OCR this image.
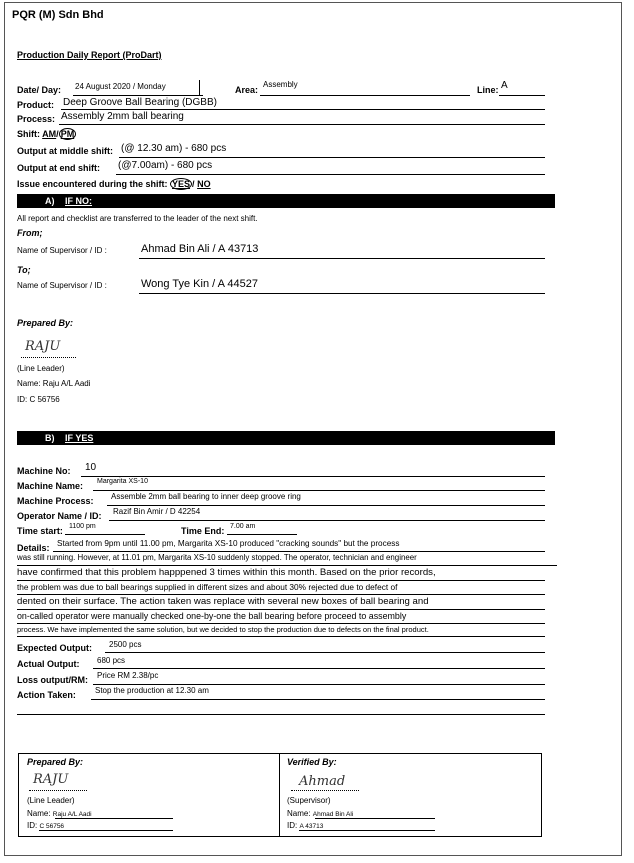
PQR (M) Sdn Bhd
Production Daily Report (ProDart)
Date/ Day: 24 August 2020 / Monday	Area:
Assembly
Line: A
Product: Deep Groove Ball Bearing (DGBB)
Process: Assembly 2mm ball bearing
Shift: AM/ PM
Output at middle shift: (@ 12.30 am) - 680 pcs
Output at end shift: (@7.00am) - 680 pcs
Issue encountered during the shift: YES / NO
A) IF NO:
All report and checklist are transferred to the leader of the next shift.
From;
Name of Supervisor / ID :	Ahmad Bin Ali / A 43713
To;
Name of Supervisor / ID :	Wong Tye Kin / A 44527
Prepared By:
RAJU
(Line Leader)
Name: Raju A/L Aadi
ID: C 56756
B) IF YES
Machine No: 10
Machine Name: Margarita XS-10
Machine Process: Assemble 2mm ball bearing to inner deep groove ring
Operator Name / ID: Razif Bin Amir / D 42254
Time start: 1100 pm	Time End: 7.00 am
Details: Started from 9pm until 11.00 pm, Margarita XS-10 produced "cracking sounds" but the process
was still running. However, at 11.01 pm, Margarita XS-10 suddenly stopped. The operator, technician and engineer
have confirmed that this problem happpened 3 times within this month. Based on the prior records,
the problem was due to ball bearings supplied in different sizes and about 30% rejected due to defect of
dented on their surface. The action taken was replace with several new boxes of ball bearing and
on-called operator were manually checked one-by-one the ball bearing before proceed to assembly
process. We have implemented the same solution, but we decided to stop the production due to defects on the final product.
Expected Output: 2500 pcs
Actual Output: 680 pcs
Loss output/RM: Price RM 2.38/pc
Action Taken: Stop the production at 12.30 am
Prepared By:
RAJU
(Line Leader)
Name: Raju A/L Aadi
ID: C 56756
Verified By:
Ahmad
(Supervisor)
Name: Ahmad Bin Ali
ID: A 43713
